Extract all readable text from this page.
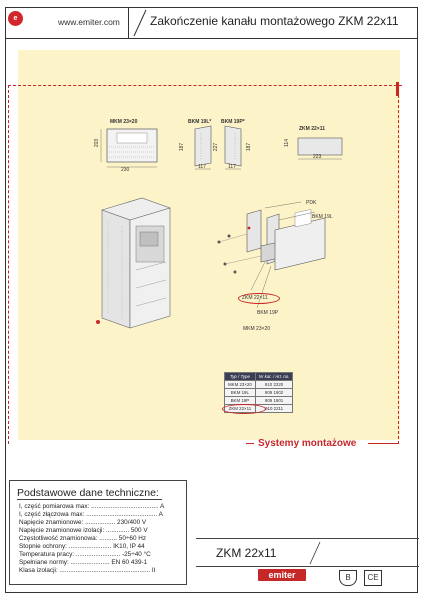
e	www.emiter.com	Zakończenie kanału montażowego ZKM 22x11
MKM 23×20
230
203
BKM 19L* BKM 19P*
187	227	187
117	117
ZKM 22×11
114
223
PDK
BKM 19L
ZKM 22×11
BKM 19P
MKM 23×20
Typ / Type	Nr kat. / Art. no.
MKM 23×20	910 2320
BKM 19L	909 1902
BKM 19P	909 1901
ZKM 22×11	910 2211
Systemy montażowe
Podstawowe dane techniczne:
I, część pomiarowa max: ...................................... A
I, część złączowa max: ........................................ A
Napięcie znamionowe: ................. 230/400 V
Napięcie znamionowe izolacji: ............. 500 V
Częstotliwość znamionowa: .......... 50÷60 Hz
Stopnie ochrony: ........................ IK10, IP 44
Temperatura pracy: ......................... -25÷40 °C
Spełniane normy: ...................... EN 60 439-1
Klasa izolacji: ................................................... II
ZKM 22x11
emiter	B	CE
